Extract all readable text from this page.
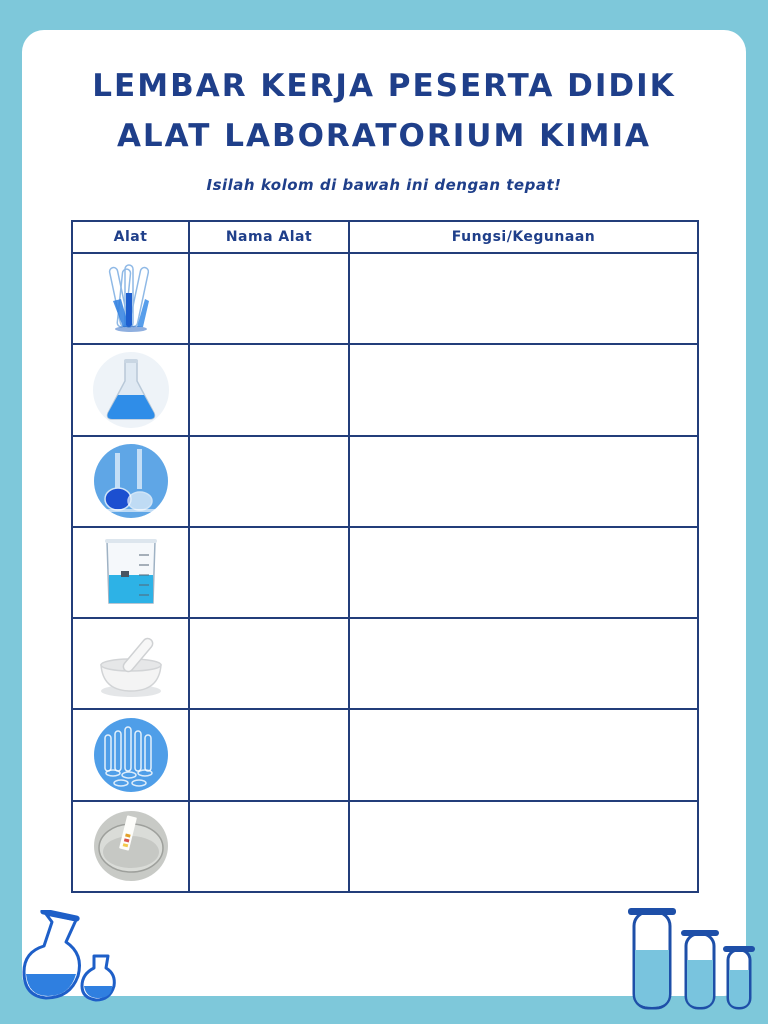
LEMBAR KERJA PESERTA DIDIK
ALAT LABORATORIUM KIMIA
Isilah kolom di bawah ini dengan tepat!
Alat	Nama Alat	Fungsi/Kegunaan
